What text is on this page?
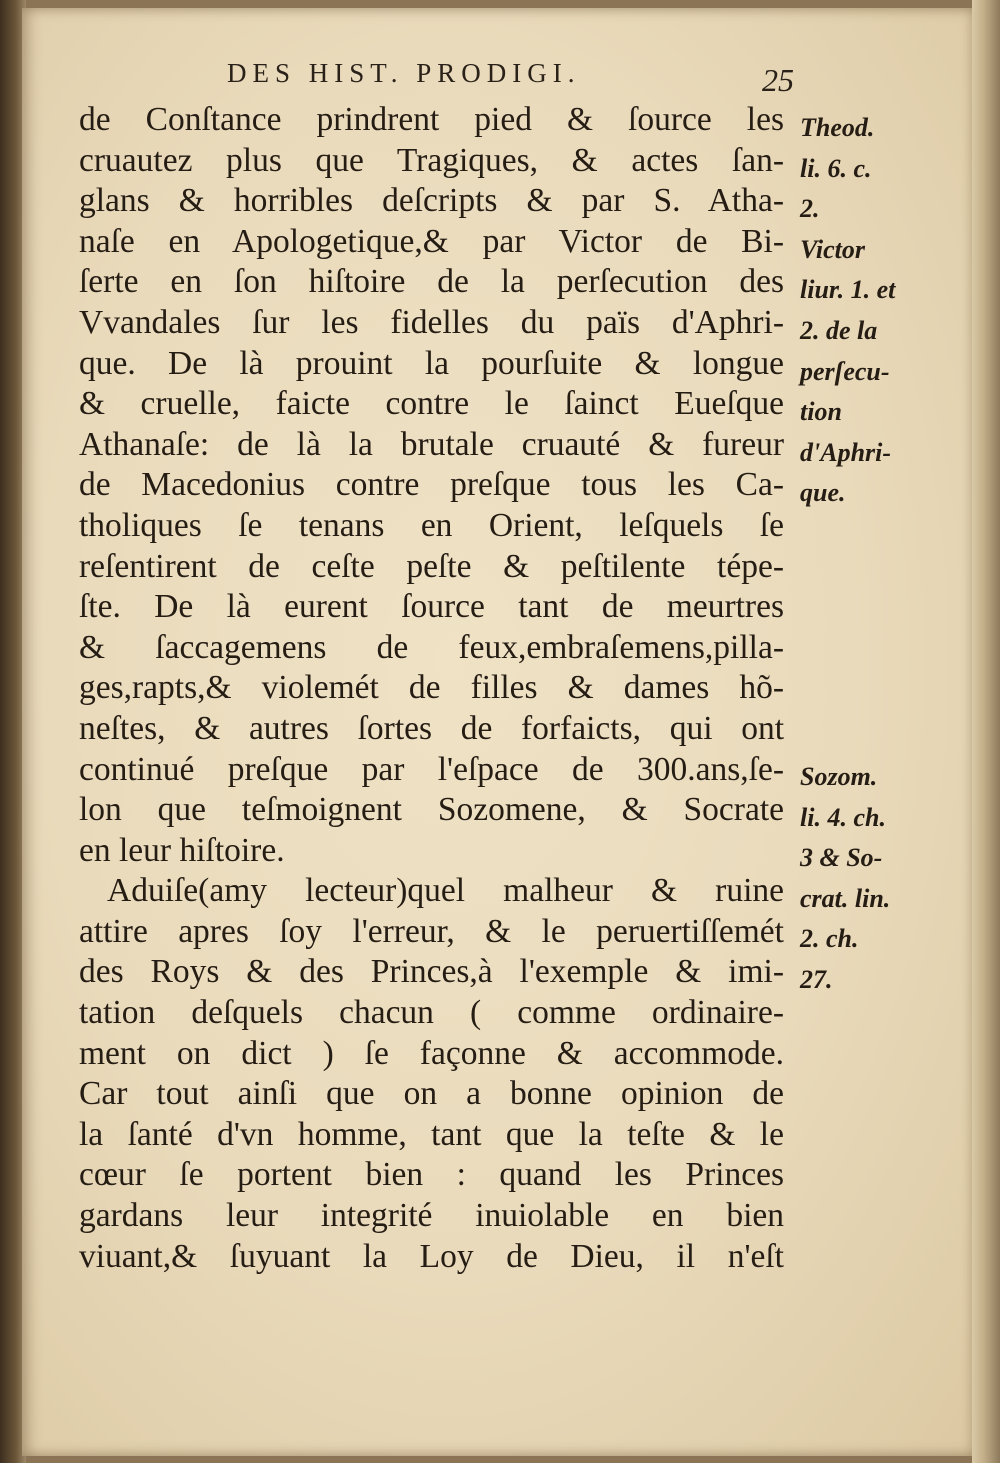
DES HIST. PRODIGI.	25
de Conſtance prindrent pied & ſource les
cruautez plus que Tragiques, & actes ſan-
glans & horribles deſcripts & par S. Atha-
naſe en Apologetique,& par Victor de Bi-
ſerte en ſon hiſtoire de la perſecution des
Vvandales ſur les fidelles du païs d'Aphri-
que. De là prouint la pourſuite & longue
& cruelle, faicte contre le ſainct Eueſque
Athanaſe: de là la brutale cruauté & fureur
de Macedonius contre preſque tous les Ca-
tholiques ſe tenans en Orient, leſquels ſe
reſentirent de ceſte peſte & peſtilente tépe-
ſte. De là eurent ſource tant de meurtres
& ſaccagemens de feux,embraſemens,pilla-
ges,rapts,& violemét de filles & dames hõ-
neſtes, & autres ſortes de forfaicts, qui ont
continué preſque par l'eſpace de 300.ans,ſe-
lon que teſmoignent Sozomene, & Socrate
en leur hiſtoire.
Aduiſe(amy lecteur)quel malheur & ruine
attire apres ſoy l'erreur, & le peruertiſſemét
des Roys & des Princes,à l'exemple & imi-
tation deſquels chacun ( comme ordinaire-
ment on dict ) ſe façonne & accommode.
Car tout ainſi que on a bonne opinion de
la ſanté d'vn homme, tant que la teſte & le
cœur ſe portent bien : quand les Princes
gardans leur integrité inuiolable en bien
viuant,& ſuyuant la Loy de Dieu, il n'eſt
Theod.
li. 6. c.
2.
Victor
liur. 1. et
2. de la
perſecu-
tion
d'Aphri-
que.
Sozom.
li. 4. ch.
3 & So-
crat. lin.
2. ch.
27.
